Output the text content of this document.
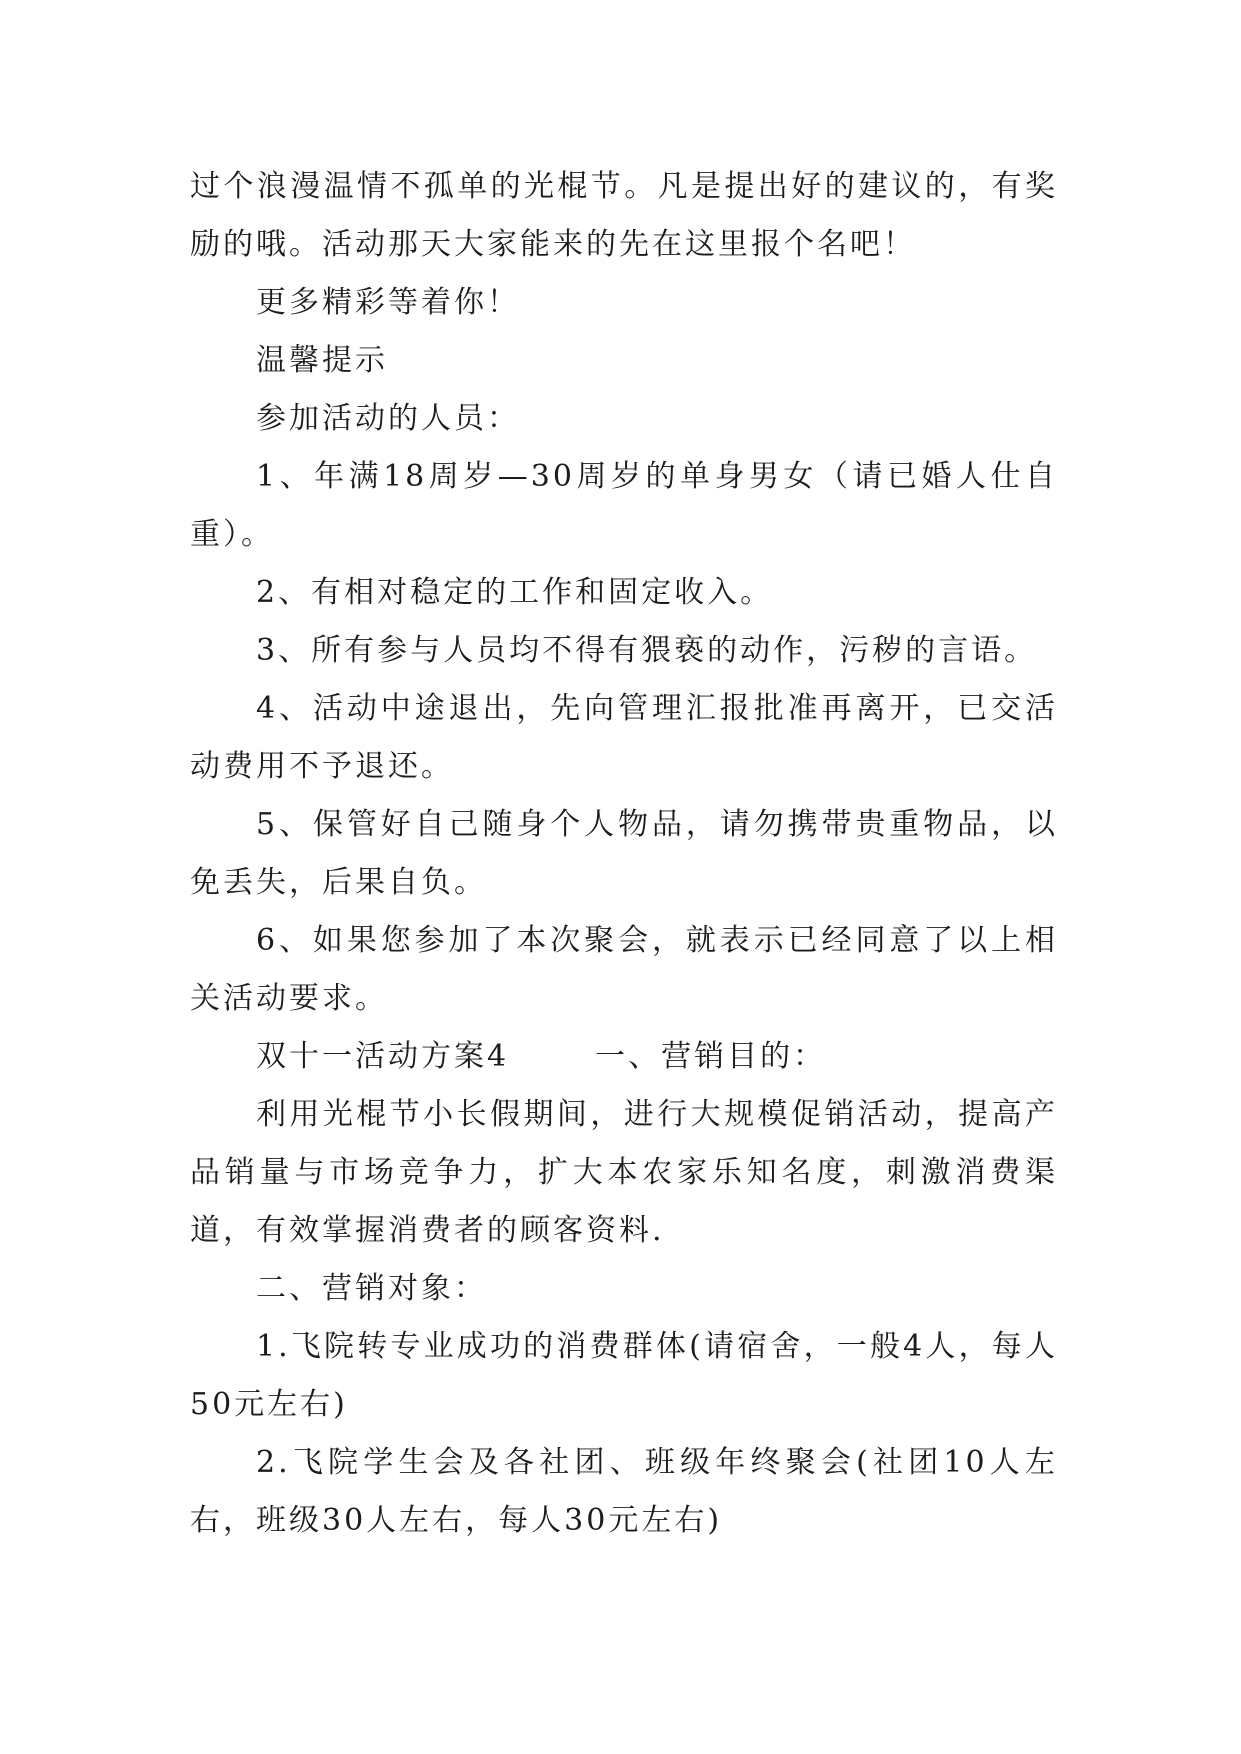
过个浪漫温情不孤单的光棍节。凡是提出好的建议的，有奖励的哦。活动那天大家能来的先在这里报个名吧！

更多精彩等着你！

温馨提示

参加活动的人员：

1、年满18周岁—30周岁的单身男女（请已婚人仕自重）。

2、有相对稳定的工作和固定收入。

3、所有参与人员均不得有猥亵的动作，污秽的言语。

4、活动中途退出，先向管理汇报批准再离开，已交活动费用不予退还。

5、保管好自己随身个人物品，请勿携带贵重物品，以免丢失，后果自负。

6、如果您参加了本次聚会，就表示已经同意了以上相关活动要求。

双十一活动方案4	一、营销目的：

利用光棍节小长假期间，进行大规模促销活动，提高产品销量与市场竞争力，扩大本农家乐知名度，刺激消费渠道，有效掌握消费者的顾客资料.

二、营销对象：

1.飞院转专业成功的消费群体(请宿舍，一般4人，每人50元左右)

2.飞院学生会及各社团、班级年终聚会(社团10人左右，班级30人左右，每人30元左右)
